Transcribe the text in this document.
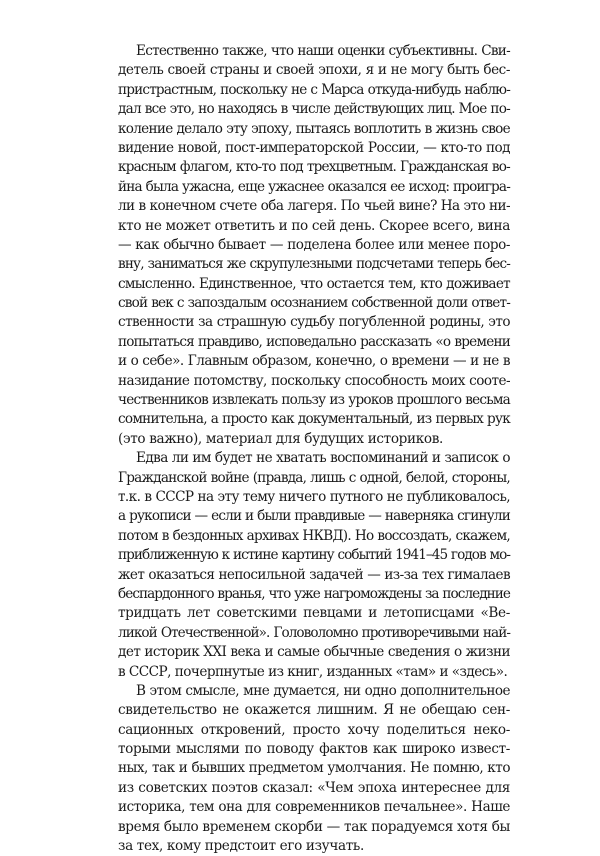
Естественно также, что наши оценки субъективны. Сви-
детель своей страны и своей эпохи, я и не могу быть бес-
пристрастным, поскольку не с Марса откуда-нибудь наблю-
дал все это, но находясь в числе действующих лиц. Мое по-
коление делало эту эпоху, пытаясь воплотить в жизнь свое
видение новой, пост-императорской России, — кто-то под
красным флагом, кто-то под трехцветным. Гражданская во-
йна была ужасна, еще ужаснее оказался ее исход: проигра-
ли в конечном счете оба лагеря. По чьей вине? На это ни-
кто не может ответить и по сей день. Скорее всего, вина
— как обычно бывает — поделена более или менее порo-
вну, заниматься же скрупулезными подсчетами теперь бес-
смысленно. Единственное, что остается тем, кто доживает
свой век с запоздалым осознанием собственной доли ответ-
ственности за страшную судьбу погубленной родины, это
попытаться правдиво, исповедально рассказать «о времени
и о себе». Главным образом, конечно, о времени — и не в
назидание потомству, поскольку способность моих соотe-
чественников извлекать пользу из уроков прошлого весьма
сомнительна, а просто как документальный, из первых рук
(это важно), материал для будущих историков.
Едва ли им будет не хватать воспоминаний и записок о
Гражданской войне (правда, лишь с одной, белой, стороны,
т.к. в СССР на эту тему ничего путного не публиковалось,
а рукописи — если и были правдивые — наверняка сгинули
потом в бездонных архивах НКВД). Но воссоздать, скажем,
приближенную к истине картину событий 1941–45 годов мо-
жет оказаться непосильной задачей — из-за тех гималаев
беспардонного вранья, что уже нагромождены за последние
тридцать лет советскими певцами и летописцами «Ве-
ликой Отечественной». Головоломно противоречивыми най-
дет историк XXI века и самые обычные сведения о жизни
в СССР, почерпнутые из книг, изданных «там» и «здесь».
В этом смысле, мне думается, ни одно дополнительное
свидетельство не окажется лишним. Я не обещаю сен-
сационных откровений, просто хочу поделиться неко-
торыми мыслями по поводу фактов как широко извест-
ных, так и бывших предметом умолчания. Не помню, кто
из советских поэтов сказал: «Чем эпоха интереснее для
историка, тем она для современников печальнее». Наше
время было временем скорби — так порадуемся хотя бы
за тех, кому предстоит его изучать.
